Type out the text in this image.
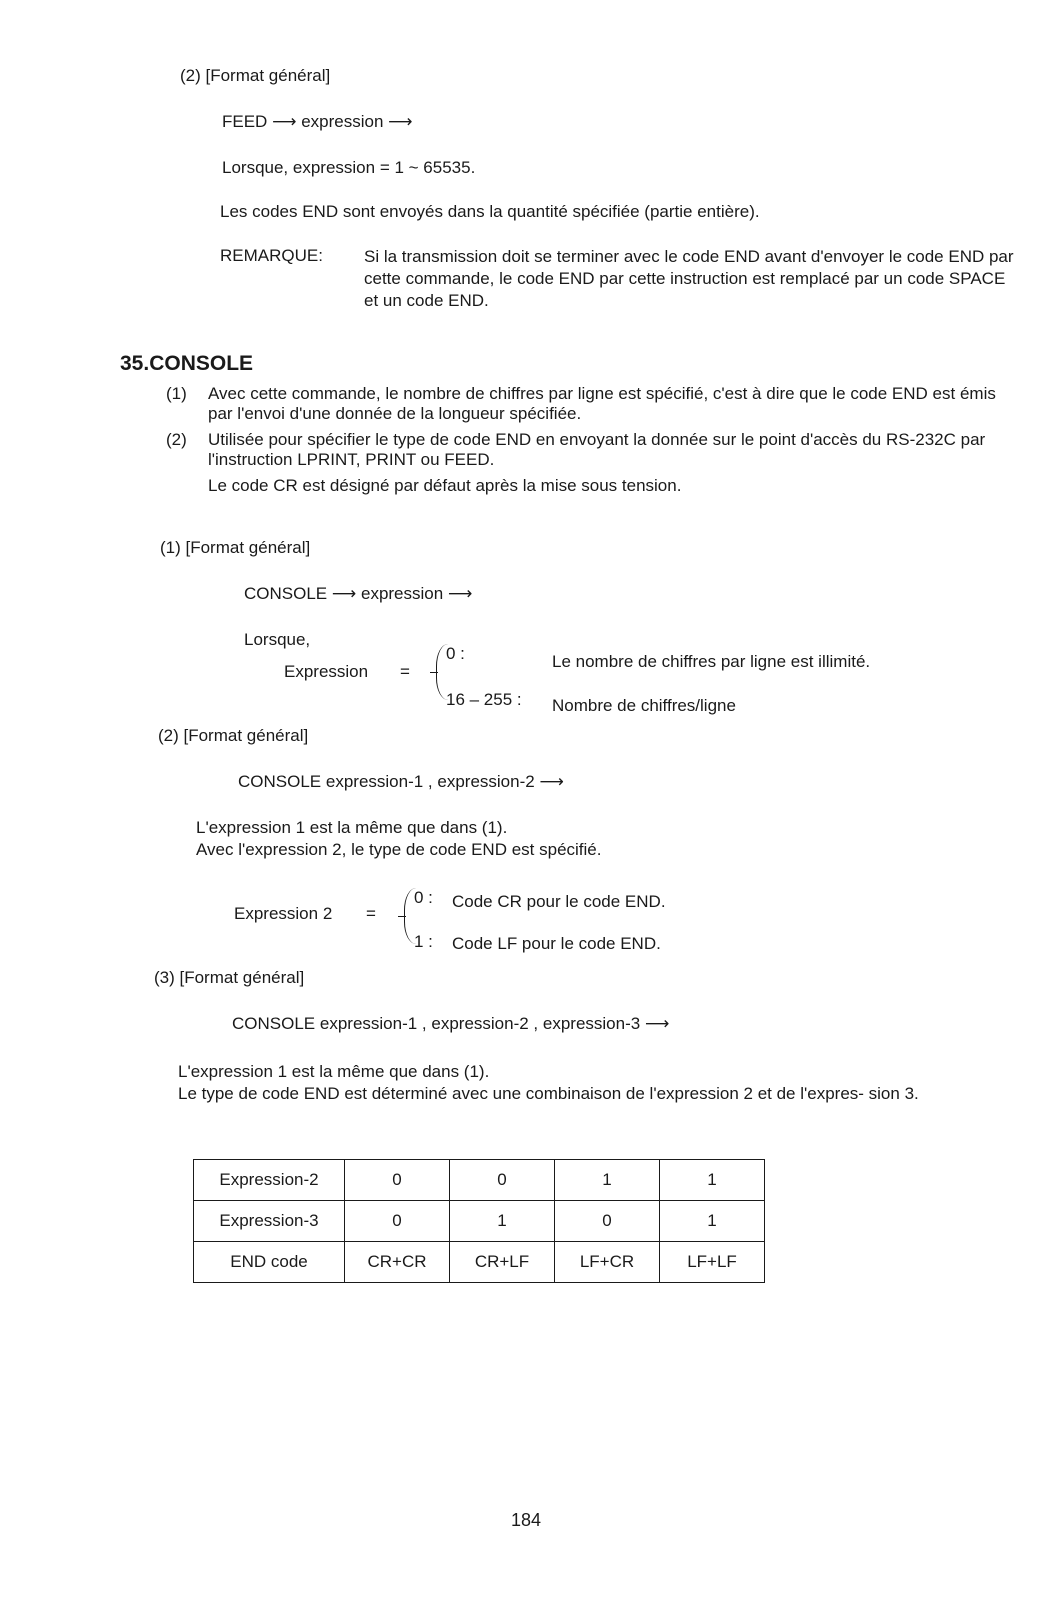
(2) [Format général]
FEED ⟶ expression ⟶
Lorsque, expression = 1 ~ 65535.
Les codes END sont envoyés dans la quantité spécifiée (partie entière).
REMARQUE: Si la transmission doit se terminer avec le code END avant d'envoyer le code END par cette commande, le code END par cette instruction est remplacé par un code SPACE et un code END.
35.CONSOLE
(1) Avec cette commande, le nombre de chiffres par ligne est spécifié, c'est à dire que le code END est émis par l'envoi d'une donnée de la longueur spécifiée.
(2) Utilisée pour spécifier le type de code END en envoyant la donnée sur le point d'accès du RS-232C par l'instruction LPRINT, PRINT ou FEED.
Le code CR est désigné par défaut après la mise sous tension.
(1) [Format général]
CONSOLE ⟶ expression ⟶
Lorsque,
Expression =
0 :	Le nombre de chiffres par ligne est illimité.
16 – 255 : Nombre de chiffres/ligne
(2) [Format général]
CONSOLE expression-1 , expression-2 ⟶
L'expression 1 est la même que dans (1).
Avec l'expression 2, le type de code END est spécifié.
Expression 2 =
0 : Code CR pour le code END.
1 : Code LF pour le code END.
(3) [Format général]
CONSOLE expression-1 , expression-2 , expression-3 ⟶
L'expression 1 est la même que dans (1).
Le type de code END est déterminé avec une combinaison de l'expression 2 et de l'expres- sion 3.
Expression-2	0	0	1	1
Expression-3	0	1	0	1
END code	CR+CR	CR+LF	LF+CR	LF+LF
184
